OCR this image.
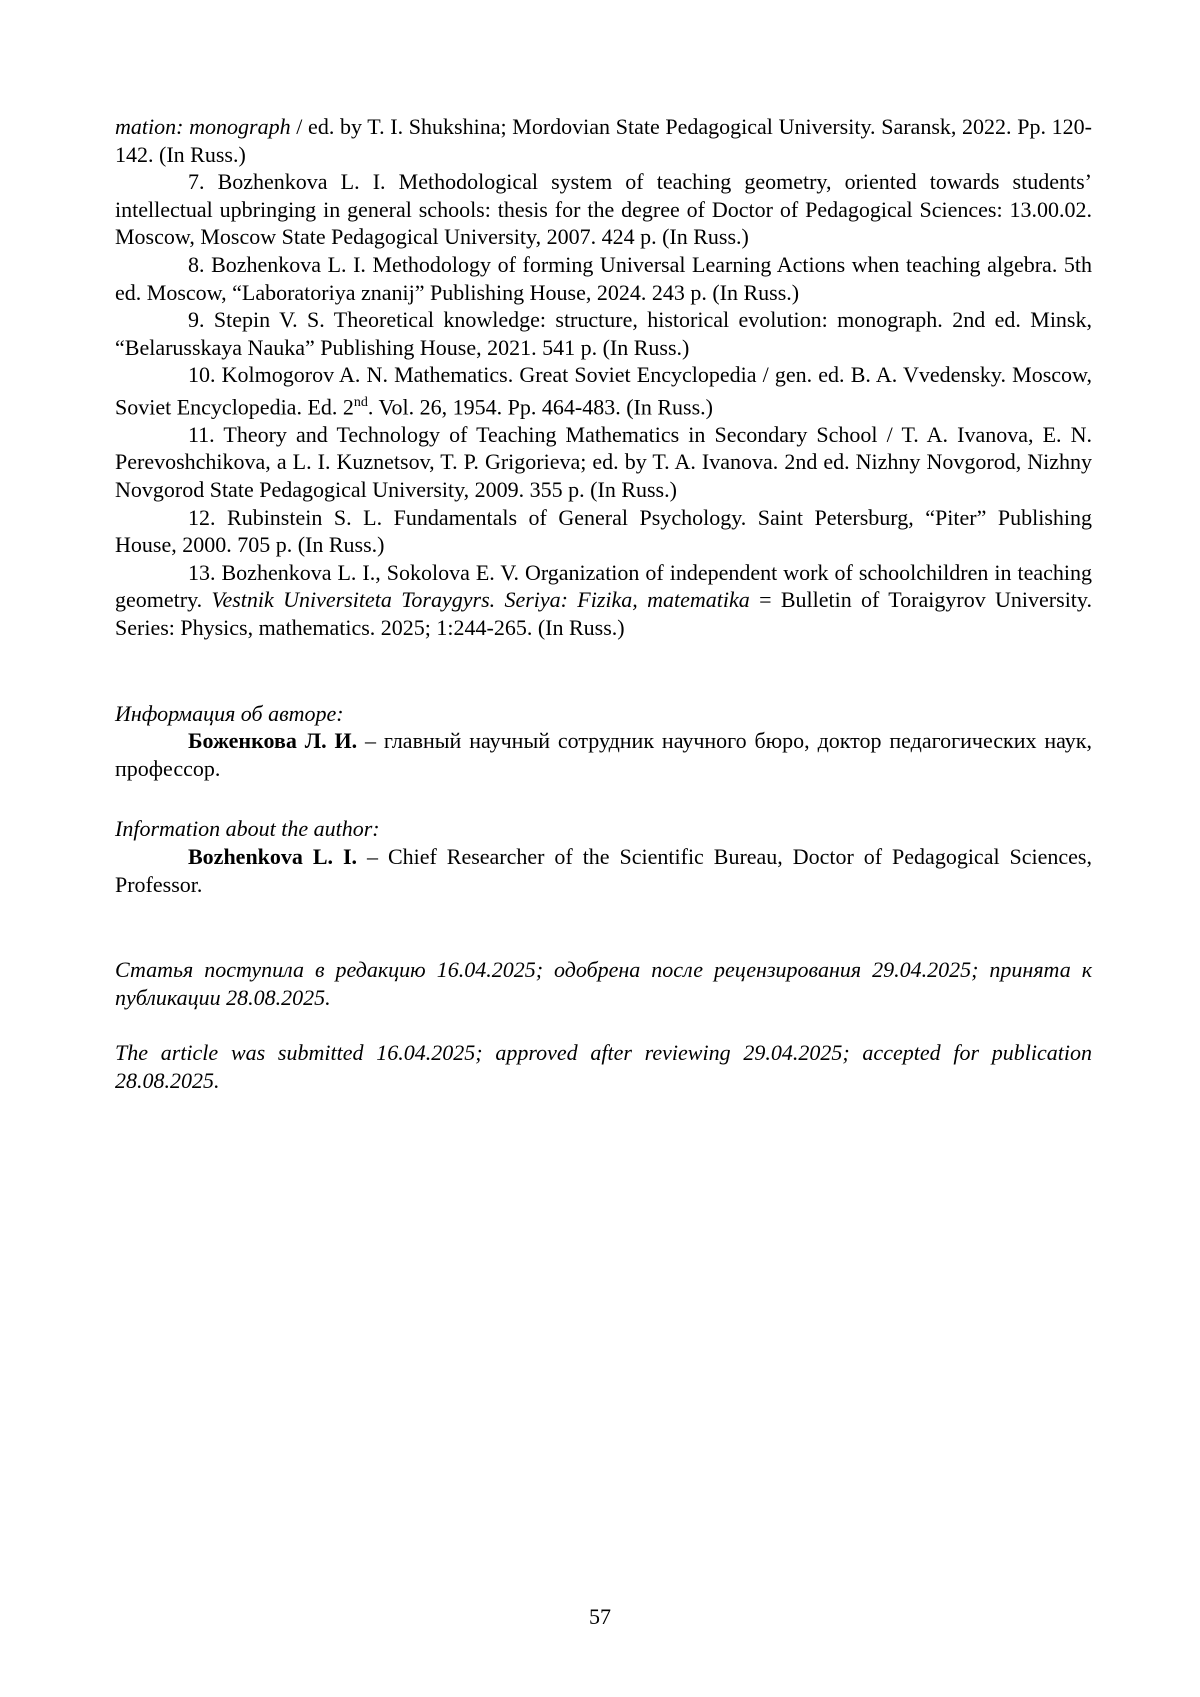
mation: monograph / ed. by T. I. Shukshina; Mordovian State Pedagogical University. Saransk, 2022. Pp. 120-142. (In Russ.)

7. Bozhenkova L. I. Methodological system of teaching geometry, oriented towards students’ intellectual upbringing in general schools: thesis for the degree of Doctor of Pedagogical Sciences: 13.00.02. Moscow, Moscow State Pedagogical University, 2007. 424 p. (In Russ.)

8. Bozhenkova L. I. Methodology of forming Universal Learning Actions when teaching algebra. 5th ed. Moscow, “Laboratoriya znanij” Publishing House, 2024. 243 p. (In Russ.)

9. Stepin V. S. Theoretical knowledge: structure, historical evolution: monograph. 2nd ed. Minsk, “Belarusskaya Nauka” Publishing House, 2021. 541 p. (In Russ.)

10. Kolmogorov A. N. Mathematics. Great Soviet Encyclopedia / gen. ed. B. A. Vvedensky. Moscow, Soviet Encyclopedia. Ed. 2nd. Vol. 26, 1954. Pp. 464-483. (In Russ.)

11. Theory and Technology of Teaching Mathematics in Secondary School / T. A. Ivanova, E. N. Perevoshchikova, a L. I. Kuznetsov, T. P. Grigorieva; ed. by T. A. Ivanova. 2nd ed. Nizhny Novgorod, Nizhny Novgorod State Pedagogical University, 2009. 355 p. (In Russ.)

12. Rubinstein S. L. Fundamentals of General Psychology. Saint Petersburg, “Piter” Publishing House, 2000. 705 p. (In Russ.)

13. Bozhenkova L. I., Sokolova E. V. Organization of independent work of schoolchildren in teaching geometry. Vestnik Universiteta Toraygyrs. Seriya: Fizika, matematika = Bulletin of Toraigyrov University. Series: Physics, mathematics. 2025; 1:244-265. (In Russ.)

Информация об авторе:

Боженкова Л. И. – главный научный сотрудник научного бюро, доктор педагогических наук, профессор.

Information about the author:

Bozhenkova L. I. – Chief Researcher of the Scientific Bureau, Doctor of Pedagogical Sciences, Professor.

Статья поступила в редакцию 16.04.2025; одобрена после рецензирования 29.04.2025; принята к публикации 28.08.2025.

The article was submitted 16.04.2025; approved after reviewing 29.04.2025; accepted for publication 28.08.2025.

57
